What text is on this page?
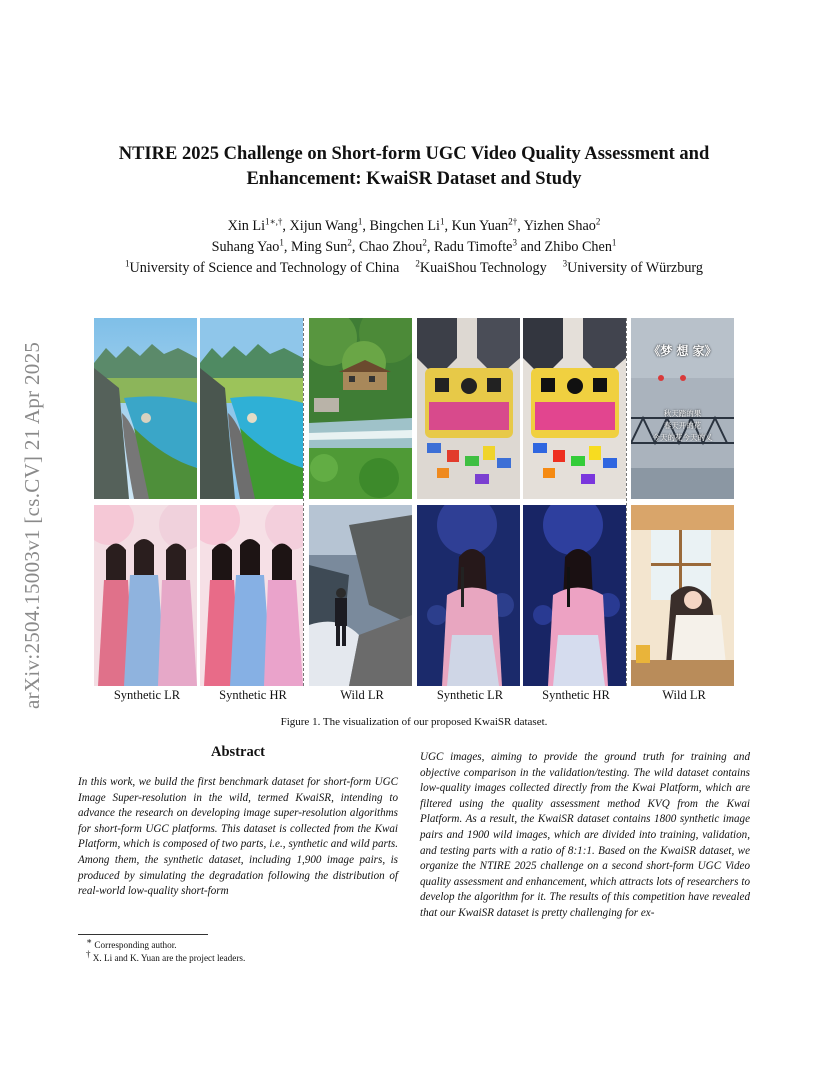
arXiv:2504.15003v1 [cs.CV] 21 Apr 2025
NTIRE 2025 Challenge on Short-form UGC Video Quality Assessment and
Enhancement: KwaiSR Dataset and Study
Xin $Li^{1∗,\dagger}$, Xijun Wang$^1$, Bingchen Li$^1$, Kun Yuan$^{2\dagger}$, Yizhen Shao$^2$
Suhang Yao$^1$, Ming Sun$^2$, Chao Zhou$^2$, Radu Timofte$^3$ and Zhibo Chen$^1$
$^1$University of Science and Technology of China $^2$KuaiShou Technology $^3$University of Würzburg
《梦 想 家》
秋天踏的果
春天开的花
今天的花今天的乂
Synthetic LR	Synthetic HR	Wild LR	Synthetic LR	Synthetic HR	Wild LR
Figure 1. The visualization of our proposed KwaiSR dataset.
Abstract

In this work, we build the first benchmark dataset for short-form UGC Image Super-resolution in the wild, termed KwaiSR, intending to advance the research on developing image super-resolution algorithms for short-form UGC platforms. This dataset is collected from the Kwai Platform, which is composed of two parts, i.e., synthetic and wild parts. Among them, the synthetic dataset, including 1,900 image pairs, is produced by simulating the degradation following the distribution of real-world low-quality short-form

UGC images, aiming to provide the ground truth for training and objective comparison in the validation/testing. The wild dataset contains low-quality images collected directly from the Kwai Platform, which are filtered using the quality assessment method KVQ from the Kwai Platform. As a result, the KwaiSR dataset contains 1800 synthetic image pairs and 1900 wild images, which are divided into training, validation, and testing parts with a ratio of 8:1:1. Based on the KwaiSR dataset, we organize the NTIRE 2025 challenge on a second short-form UGC Video quality assessment and enhancement, which attracts lots of researchers to develop the algorithm for it. The results of this competition have revealed that our KwaiSR dataset is pretty challenging for ex-

∗ Corresponding author.
† X. Li and K. Yuan are the project leaders.
